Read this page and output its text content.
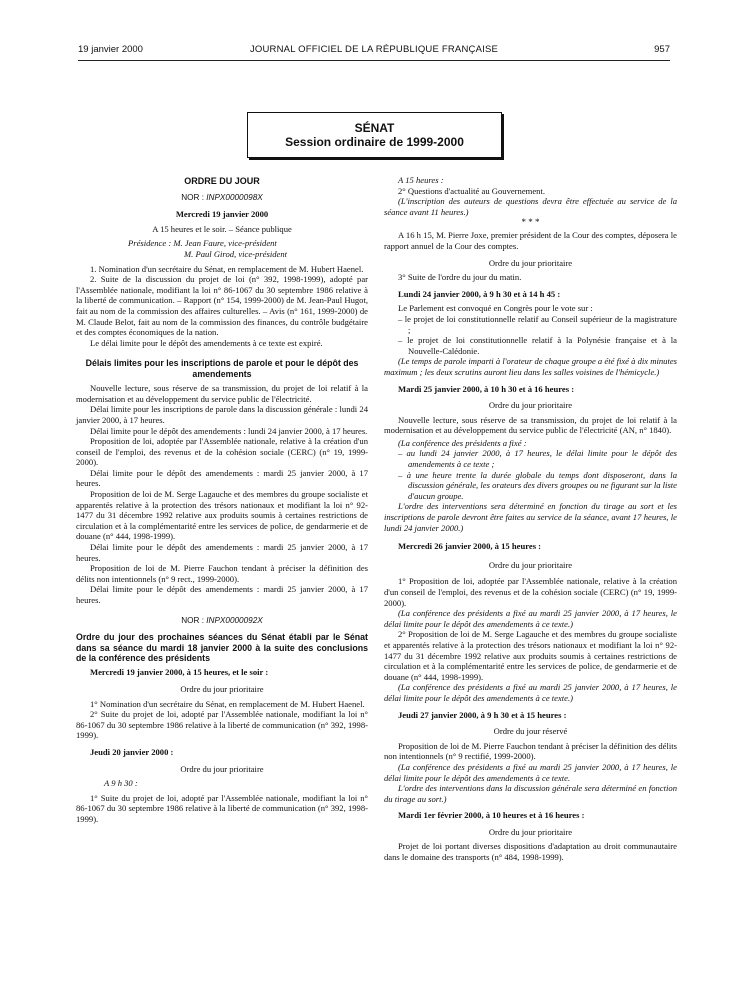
19 janvier 2000	JOURNAL OFFICIEL DE LA RÉPUBLIQUE FRANÇAISE	957
SÉNAT
Session ordinaire de 1999-2000
ORDRE DU JOUR
NOR : INPX0000098X

Mercredi 19 janvier 2000

A 15 heures et le soir. – Séance publique

Présidence : M. Jean Faure, vice-président

M. Paul Girod, vice-président

1. Nomination d'un secrétaire du Sénat, en remplacement de M. Hubert Haenel.

2. Suite de la discussion du projet de loi (n° 392, 1998-1999), adopté par l'Assemblée nationale, modifiant la loi n° 86-1067 du 30 septembre 1986 relative à la liberté de communication. – Rapport (n° 154, 1999-2000) de M. Jean-Paul Hugot, fait au nom de la commission des affaires culturelles. – Avis (n° 161, 1999-2000) de M. Claude Belot, fait au nom de la commission des finances, du contrôle budgétaire et des comptes économiques de la nation.

Le délai limite pour le dépôt des amendements à ce texte est expiré.

Délais limites pour les inscriptions de parole et pour le dépôt des amendements

Nouvelle lecture, sous réserve de sa transmission, du projet de loi relatif à la modernisation et au développement du service public de l'électricité.

Délai limite pour les inscriptions de parole dans la discussion générale : lundi 24 janvier 2000, à 17 heures.

Délai limite pour le dépôt des amendements : lundi 24 janvier 2000, à 17 heures.

Proposition de loi, adoptée par l'Assemblée nationale, relative à la création d'un conseil de l'emploi, des revenus et de la cohésion sociale (CERC) (n° 19, 1999-2000).

Délai limite pour le dépôt des amendements : mardi 25 janvier 2000, à 17 heures.

Proposition de loi de M. Serge Lagauche et des membres du groupe socialiste et apparentés relative à la protection des trésors nationaux et modifiant la loi n° 92-1477 du 31 décembre 1992 relative aux produits soumis à certaines restrictions de circulation et à la complémentarité entre les services de police, de gendarmerie et de douane (n° 444, 1998-1999).

Délai limite pour le dépôt des amendements : mardi 25 janvier 2000, à 17 heures.

Proposition de loi de M. Pierre Fauchon tendant à préciser la définition des délits non intentionnels (n° 9 rect., 1999-2000).

Délai limite pour le dépôt des amendements : mardi 25 janvier 2000, à 17 heures.

NOR : INPX0000092X
Ordre du jour des prochaines séances du Sénat établi par le Sénat dans sa séance du mardi 18 janvier 2000 à la suite des conclusions de la conférence des présidents

Mercredi 19 janvier 2000, à 15 heures, et le soir :

Ordre du jour prioritaire

1° Nomination d'un secrétaire du Sénat, en remplacement de M. Hubert Haenel.

2° Suite du projet de loi, adopté par l'Assemblée nationale, modifiant la loi n° 86-1067 du 30 septembre 1986 relative à la liberté de communication (n° 392, 1998-1999).

Jeudi 20 janvier 2000 :

Ordre du jour prioritaire

A 9 h 30 :

1° Suite du projet de loi, adopté par l'Assemblée nationale, modifiant la loi n° 86-1067 du 30 septembre 1986 relative à la liberté de communication (n° 392, 1998-1999).

A 15 heures :

2° Questions d'actualité au Gouvernement.

(L'inscription des auteurs de questions devra être effectuée au service de la séance avant 11 heures.)

* * *

A 16 h 15, M. Pierre Joxe, premier président de la Cour des comptes, déposera le rapport annuel de la Cour des comptes.

Ordre du jour prioritaire

3° Suite de l'ordre du jour du matin.

Lundi 24 janvier 2000, à 9 h 30 et à 14 h 45 :

Le Parlement est convoqué en Congrès pour le vote sur :

– le projet de loi constitutionnelle relatif au Conseil supérieur de la magistrature ;

– le projet de loi constitutionnelle relatif à la Polynésie française et à la Nouvelle-Calédonie.

(Le temps de parole imparti à l'orateur de chaque groupe a été fixé à dix minutes maximum ; les deux scrutins auront lieu dans les salles voisines de l'hémicycle.)

Mardi 25 janvier 2000, à 10 h 30 et à 16 heures :

Ordre du jour prioritaire

Nouvelle lecture, sous réserve de sa transmission, du projet de loi relatif à la modernisation et au développement du service public de l'électricité (AN, n° 1840).

(La conférence des présidents a fixé :

– au lundi 24 janvier 2000, à 17 heures, le délai limite pour le dépôt des amendements à ce texte ;

– à une heure trente la durée globale du temps dont disposeront, dans la discussion générale, les orateurs des divers groupes ou ne figurant sur la liste d'aucun groupe.

L'ordre des interventions sera déterminé en fonction du tirage au sort et les inscriptions de parole devront être faites au service de la séance, avant 17 heures, le lundi 24 janvier 2000.)

Mercredi 26 janvier 2000, à 15 heures :

Ordre du jour prioritaire

1° Proposition de loi, adoptée par l'Assemblée nationale, relative à la création d'un conseil de l'emploi, des revenus et de la cohésion sociale (CERC) (n° 19, 1999-2000).

(La conférence des présidents a fixé au mardi 25 janvier 2000, à 17 heures, le délai limite pour le dépôt des amendements à ce texte.)

2° Proposition de loi de M. Serge Lagauche et des membres du groupe socialiste et apparentés relative à la protection des trésors nationaux et modifiant la loi n° 92-1477 du 31 décembre 1992 relative aux produits soumis à certaines restrictions de circulation et à la complémentarité entre les services de police, de gendarmerie et de douane (n° 444, 1998-1999).

(La conférence des présidents a fixé au mardi 25 janvier 2000, à 17 heures, le délai limite pour le dépôt des amendements à ce texte.)

Jeudi 27 janvier 2000, à 9 h 30 et à 15 heures :

Ordre du jour réservé

Proposition de loi de M. Pierre Fauchon tendant à préciser la définition des délits non intentionnels (n° 9 rectifié, 1999-2000).

(La conférence des présidents a fixé au mardi 25 janvier 2000, à 17 heures, le délai limite pour le dépôt des amendements à ce texte.

L'ordre des interventions dans la discussion générale sera déterminé en fonction du tirage au sort.)

Mardi 1er février 2000, à 10 heures et à 16 heures :

Ordre du jour prioritaire

Projet de loi portant diverses dispositions d'adaptation au droit communautaire dans le domaine des transports (n° 484, 1998-1999).
